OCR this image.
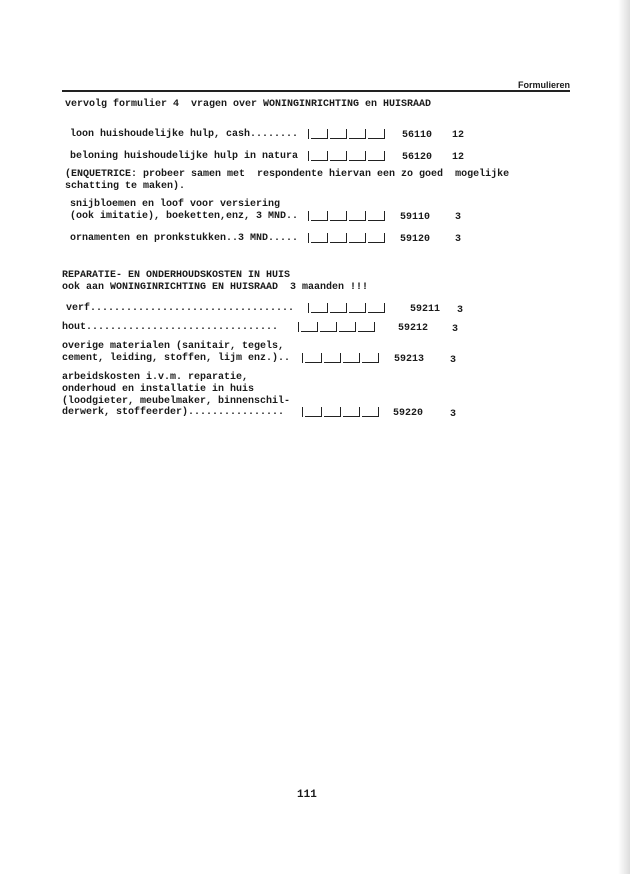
Formulieren
vervolg formulier 4  vragen over WONINGINRICHTING en HUISRAAD
loon huishoudelijke hulp, cash........	56110 12
beloning huishoudelijke hulp in natura	56120 12
(ENQUETRICE: probeer samen met  respondente hiervan een zo goed  mogelijke
schatting te maken).
snijbloemen en loof voor versiering
(ook imitatie), boeketten,enz, 3 MND..	59110 3
ornamenten en pronkstukken..3 MND.....	59120 3
REPARATIE- EN ONDERHOUDSKOSTEN IN HUIS
ook aan WONINGINRICHTING EN HUISRAAD  3 maanden !!!
verf..................................	59211 3
hout................................	59212 3
overige materialen (sanitair, tegels,
cement, leiding, stoffen, lijm enz.)..	59213	3
arbeidskosten i.v.m. reparatie,
onderhoud en installatie in huis
(loodgieter, meubelmaker, binnenschil-
derwerk, stoffeerder)................	59220	3
111
